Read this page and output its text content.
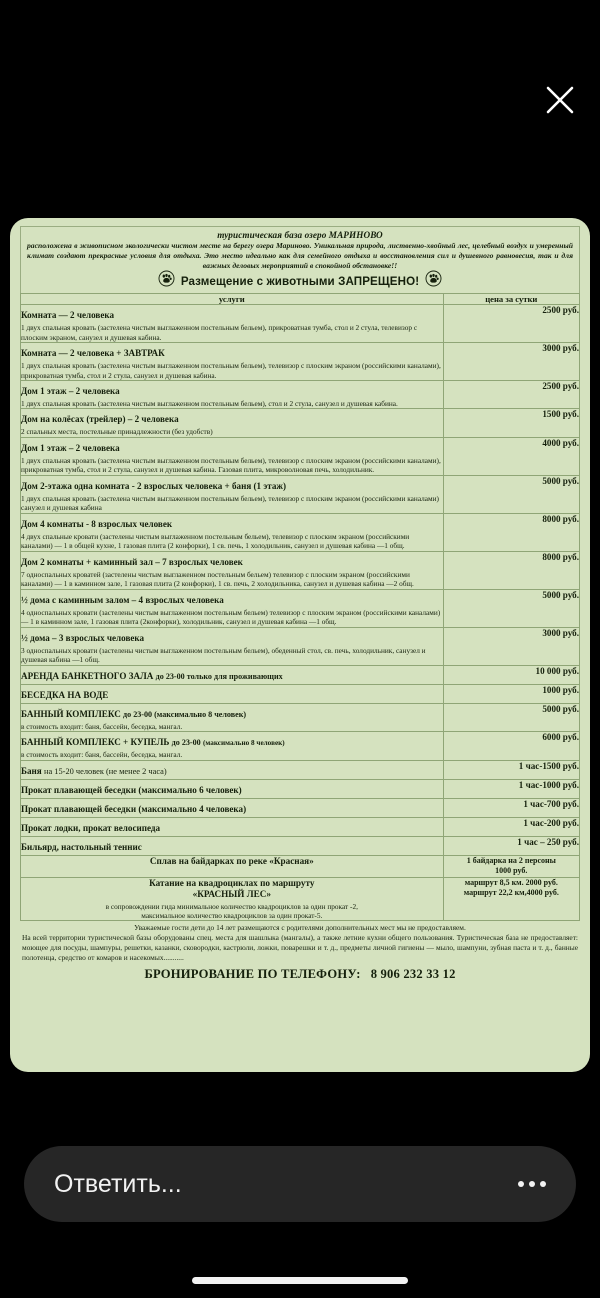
туристическая база озеро МАРИНОВО
расположена в живописном экологически чистом месте на берегу озера Мариново. Уникальная природа, лиственно-хвойный лес, целебный воздух и умеренный климат создают прекрасные условия для отдыха. Это место идеально как для семейного отдыха и восстановления сил и душевного равновесия, так и для важных деловых мероприятий в спокойной обстановке!!
Размещение с животными ЗАПРЕЩЕНО!
услуги	цена за сутки
Комната — 2 человека
1 двух спальная кровать (застелена чистым выглаженном постельным бельем), прикроватная тумба, стол и 2 стула, телевизор с плоским экраном, санузел и душевая кабина.	2500 руб.
Комната — 2 человека + ЗАВТРАК
1 двух спальная кровать (застелена чистым выглаженном постельным бельем), телевизор с плоским экраном (российскими каналами), прикроватная тумба, стол и 2 стула, санузел и душевая кабина.	3000 руб.
Дом 1 этаж – 2 человека
1 двух спальная кровать (застелена чистым выглаженном постельным бельем), стол и 2 стула, санузел и душевая кабина.	2500 руб.
Дом на колёсах (трейлер) – 2 человека
2 спальных места, постельные принадлежности (без удобств)	1500 руб.
Дом 1 этаж – 2 человека
1 двух спальная кровать (застелена чистым выглаженном постельным бельем), телевизор с плоским экраном (российскими каналами), прикроватная тумба, стол и 2 стула, санузел и душевая кабина. Газовая плита, микроволновая печь, холодильник.	4000 руб.
Дом 2-этажа одна комната - 2 взрослых человека + баня (1 этаж)
1 двух спальная кровать (застелена чистым выглаженном постельным бельем), телевизор с плоским экраном (российскими каналами) санузел и душевая кабина	5000 руб.
Дом 4 комнаты - 8 взрослых человек
4 двух спальные кровати (застелены чистым выглаженном постельным бельем), телевизор с плоским экраном (российскими каналами) — 1 в общей кухне, 1 газовая плита (2 конфорки), 1 св. печь, 1 холодильник, санузел и душевая кабина —1 общ.	8000 руб.
Дом 2 комнаты + каминный зал – 7 взрослых человек
7 односпальных кроватей (застелены чистым выглаженном постельным бельем) телевизор с плоским экраном (российскими каналами) — 1 в каминном зале, 1 газовая плита (2 конфорки), 1 св. печь, 2 холодильника, санузел и душевая кабина —2 общ.	8000 руб.
½ дома с каминным залом – 4 взрослых человека
4 односпальных кровати (застелены чистым выглаженном постельным бельем) телевизор с плоским экраном (российскими каналами) — 1 в каминном зале, 1 газовая плита (2конфорки), холодильник, санузел и душевая кабина —1 общ.	5000 руб.
½ дома – 3 взрослых человека
3 односпальных кровати (застелены чистым выглаженном постельным бельем), обеденный стол, св. печь, холодильник, санузел и душевая кабина —1 общ.	3000 руб.
АРЕНДА БАНКЕТНОГО ЗАЛА до 23-00 только для проживающих	10 000 руб.
БЕСЕДКА НА ВОДЕ	1000 руб.
БАННЫЙ КОМПЛЕКС до 23-00 (максимально 8 человек)
в стоимость входит: баня, бассейн, беседка, мангал.	5000 руб.
БАННЫЙ КОМПЛЕКС + КУПЕЛЬ до 23-00 (максимально 8 человек)
в стоимость входит: баня, бассейн, беседка, мангал.	6000 руб.
Баня на 15-20 человек (не менее 2 часа)	1 час-1500 руб.
Прокат плавающей беседки (максимально 6 человек)	1 час-1000 руб.
Прокат плавающей беседки (максимально 4 человека)	1 час-700 руб.
Прокат лодки, прокат велосипеда	1 час-200 руб.
Бильярд, настольный теннис	1 час – 250 руб.

Сплав на байдарках по реке «Красная»	1 байдарка на 2 персоны
1000 руб.

Катание на квадроциклах по маршруту
«КРАСНЫЙ ЛЕС»
в сопровождении гида минимальное количество квадроциклов за один прокат -2,
максимальное количество квадроциклов за один прокат-5.
	маршрут 8,5 км. 2000 руб.
маршрут 22,2 км,4000 руб.
Уважаемые гости дети до 14 лет размещаются с родителями дополнительных мест мы не предоставляем.
На всей территории туристической базы оборудованы спец. места для шашлыка (мангалы), а также летние кухни общего пользования. Туристическая база не предоставляет: моющее для посуды, шампуры, решетки, казанки, сковородки, кастрюли, ложки, поварешки и т. д., предметы личной гигиены — мыло, шампуни, зубная паста и т. д., банные полотенца, средство от комаров и насекомых...........
БРОНИРОВАНИЕ ПО ТЕЛЕФОНУ: 8 906 232 33 12
Ответить...
